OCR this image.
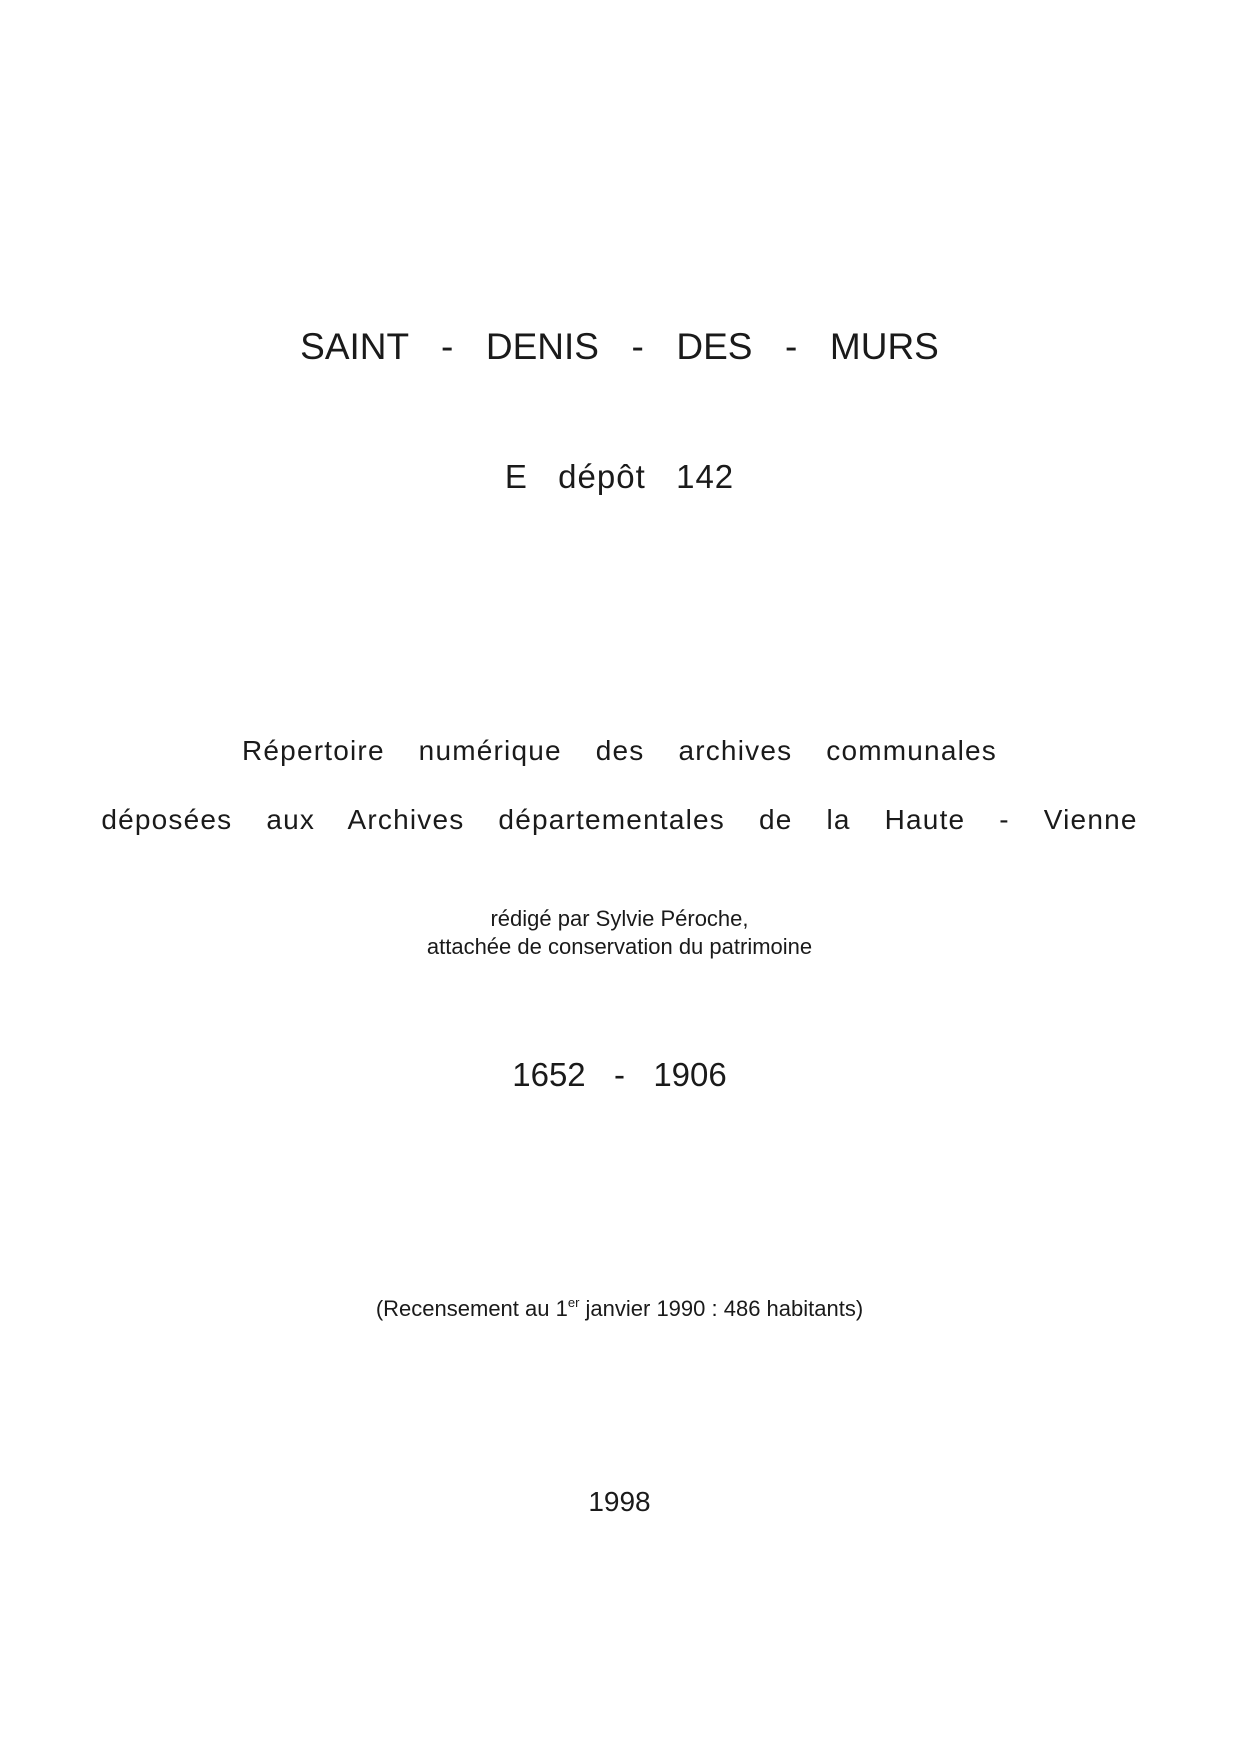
SAINT  -  DENIS  -  DES  -  MURS
E  dépôt  142
Répertoire  numérique  des  archives  communales
déposées  aux  Archives  départementales  de  la  Haute  -  Vienne
rédigé par Sylvie Péroche,
attachée de conservation du patrimoine
1652  -  1906
(Recensement au 1er janvier 1990 : 486 habitants)
1998
